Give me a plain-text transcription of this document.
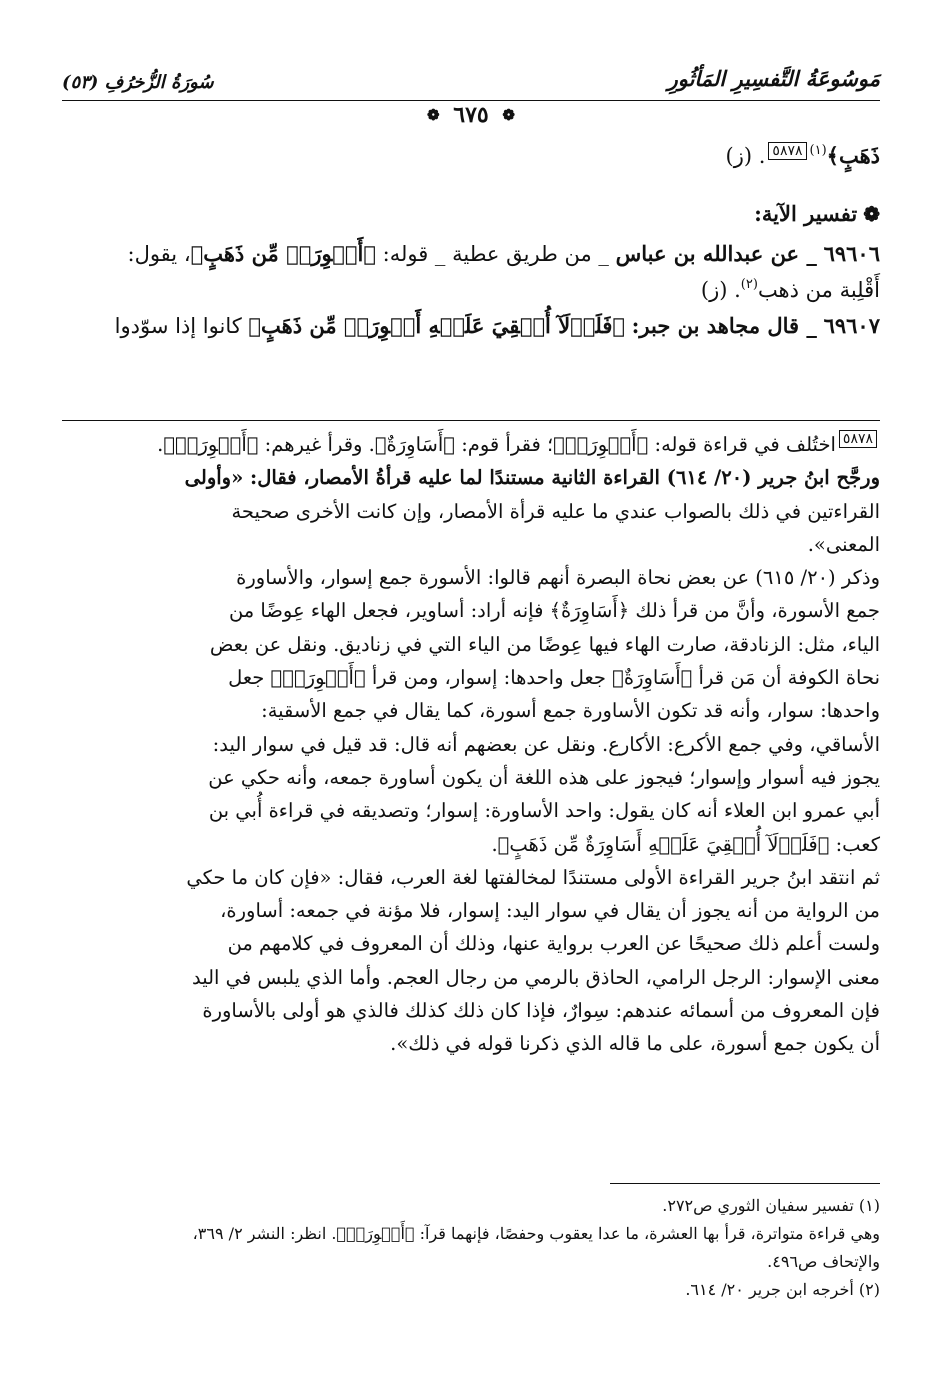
مَوسُوعَةُ التَّفسِيرِ المَأثُورِ
سُورَةُ الزُّخرُفِ (٥٣)
❁ ٦٧٥ ❁

ذَهَبٍ﴾$^{(١)}$٥٨٧٨. (ز)

❁تفسير الآية:

٦٩٦٠٦ _ عن عبدالله بن عباس _ من طريق عطية _ قوله: ﴿أَسۡوِرَةٞ مِّن ذَهَبٍ﴾، يقول:
أَقْلِبة من ذهب$^{(٢)}$. (ز)

٦٩٦٠٧ _ قال مجاهد بن جبر: ﴿فَلَوۡلَآ أُلۡقِيَ عَلَيۡهِ أَسۡوِرَةٞ مِّن ذَهَبٍ﴾ كانوا إذا سوّدوا

٥٨٧٨اختُلف في قراءة قوله: ﴿أَسۡوِرَةٞ﴾؛ فقرأ قوم: ﴿أَسَاوِرَةٌ﴾. وقرأ غيرهم: ﴿أَسۡوِرَةٞ﴾.
ورجَّح ابنُ جرير (٢٠/ ٦١٤) القراءة الثانية مستندًا لما عليه قرأةُ الأمصار، فقال: «وأولى
القراءتين في ذلك بالصواب عندي ما عليه قرأة الأمصار، وإن كانت الأخرى صحيحة
المعنى».

وذكر (٢٠/ ٦١٥) عن بعض نحاة البصرة أنهم قالوا: الأسورة جمع إسوار، والأساورة
جمع الأسورة، وأنَّ من قرأ ذلك ﴿أَسَاوِرَةٌ﴾ فإنه أراد: أساوير، فجعل الهاء عِوضًا من
الياء، مثل: الزنادقة، صارت الهاء فيها عِوضًا من الياء التي في زناديق. ونقل عن بعض
نحاة الكوفة أن مَن قرأ ﴿أَسَاوِرَةٌ﴾ جعل واحدها: إسوار، ومن قرأ ﴿أَسۡوِرَةٞ﴾ جعل
واحدها: سوار، وأنه قد تكون الأساورة جمع أسورة، كما يقال في جمع الأسقية:
الأساقي، وفي جمع الأكرع: الأكارع. ونقل عن بعضهم أنه قال: قد قيل في سوار اليد:
يجوز فيه أسوار وإسوار؛ فيجوز على هذه اللغة أن يكون أساورة جمعه، وأنه حكي عن
أبي عمرو ابن العلاء أنه كان يقول: واحد الأساورة: إسوار؛ وتصديقه في قراءة أُبي بن
كعب: ﴿فَلَوۡلَآ أُلۡقِيَ عَلَيۡهِ أَسَاوِرَةٌ مِّن ذَهَبٍ﴾.

ثم انتقد ابنُ جرير القراءة الأولى مستندًا لمخالفتها لغة العرب، فقال: «فإن كان ما حكي
من الرواية من أنه يجوز أن يقال في سوار اليد: إسوار، فلا مؤنة في جمعه: أساورة،
ولست أعلم ذلك صحيحًا عن العرب برواية عنها، وذلك أن المعروف في كلامهم من
معنى الإسوار: الرجل الرامي، الحاذق بالرمي من رجال العجم. وأما الذي يلبس في اليد
فإن المعروف من أسمائه عندهم: سِوارٌ، فإذا كان ذلك كذلك فالذي هو أولى بالأساورة
أن يكون جمع أسورة، على ما قاله الذي ذكرنا قوله في ذلك».

(١) تفسير سفيان الثوري ص٢٧٢.

وهي قراءة متواترة، قرأ بها العشرة، ما عدا يعقوب وحفصًا، فإنهما قرآ: ﴿أَسۡوِرَةٞ﴾. انظر: النشر ٢/ ٣٦٩،

والإتحاف ص٤٩٦.

(٢) أخرجه ابن جرير ٢٠/ ٦١٤.
